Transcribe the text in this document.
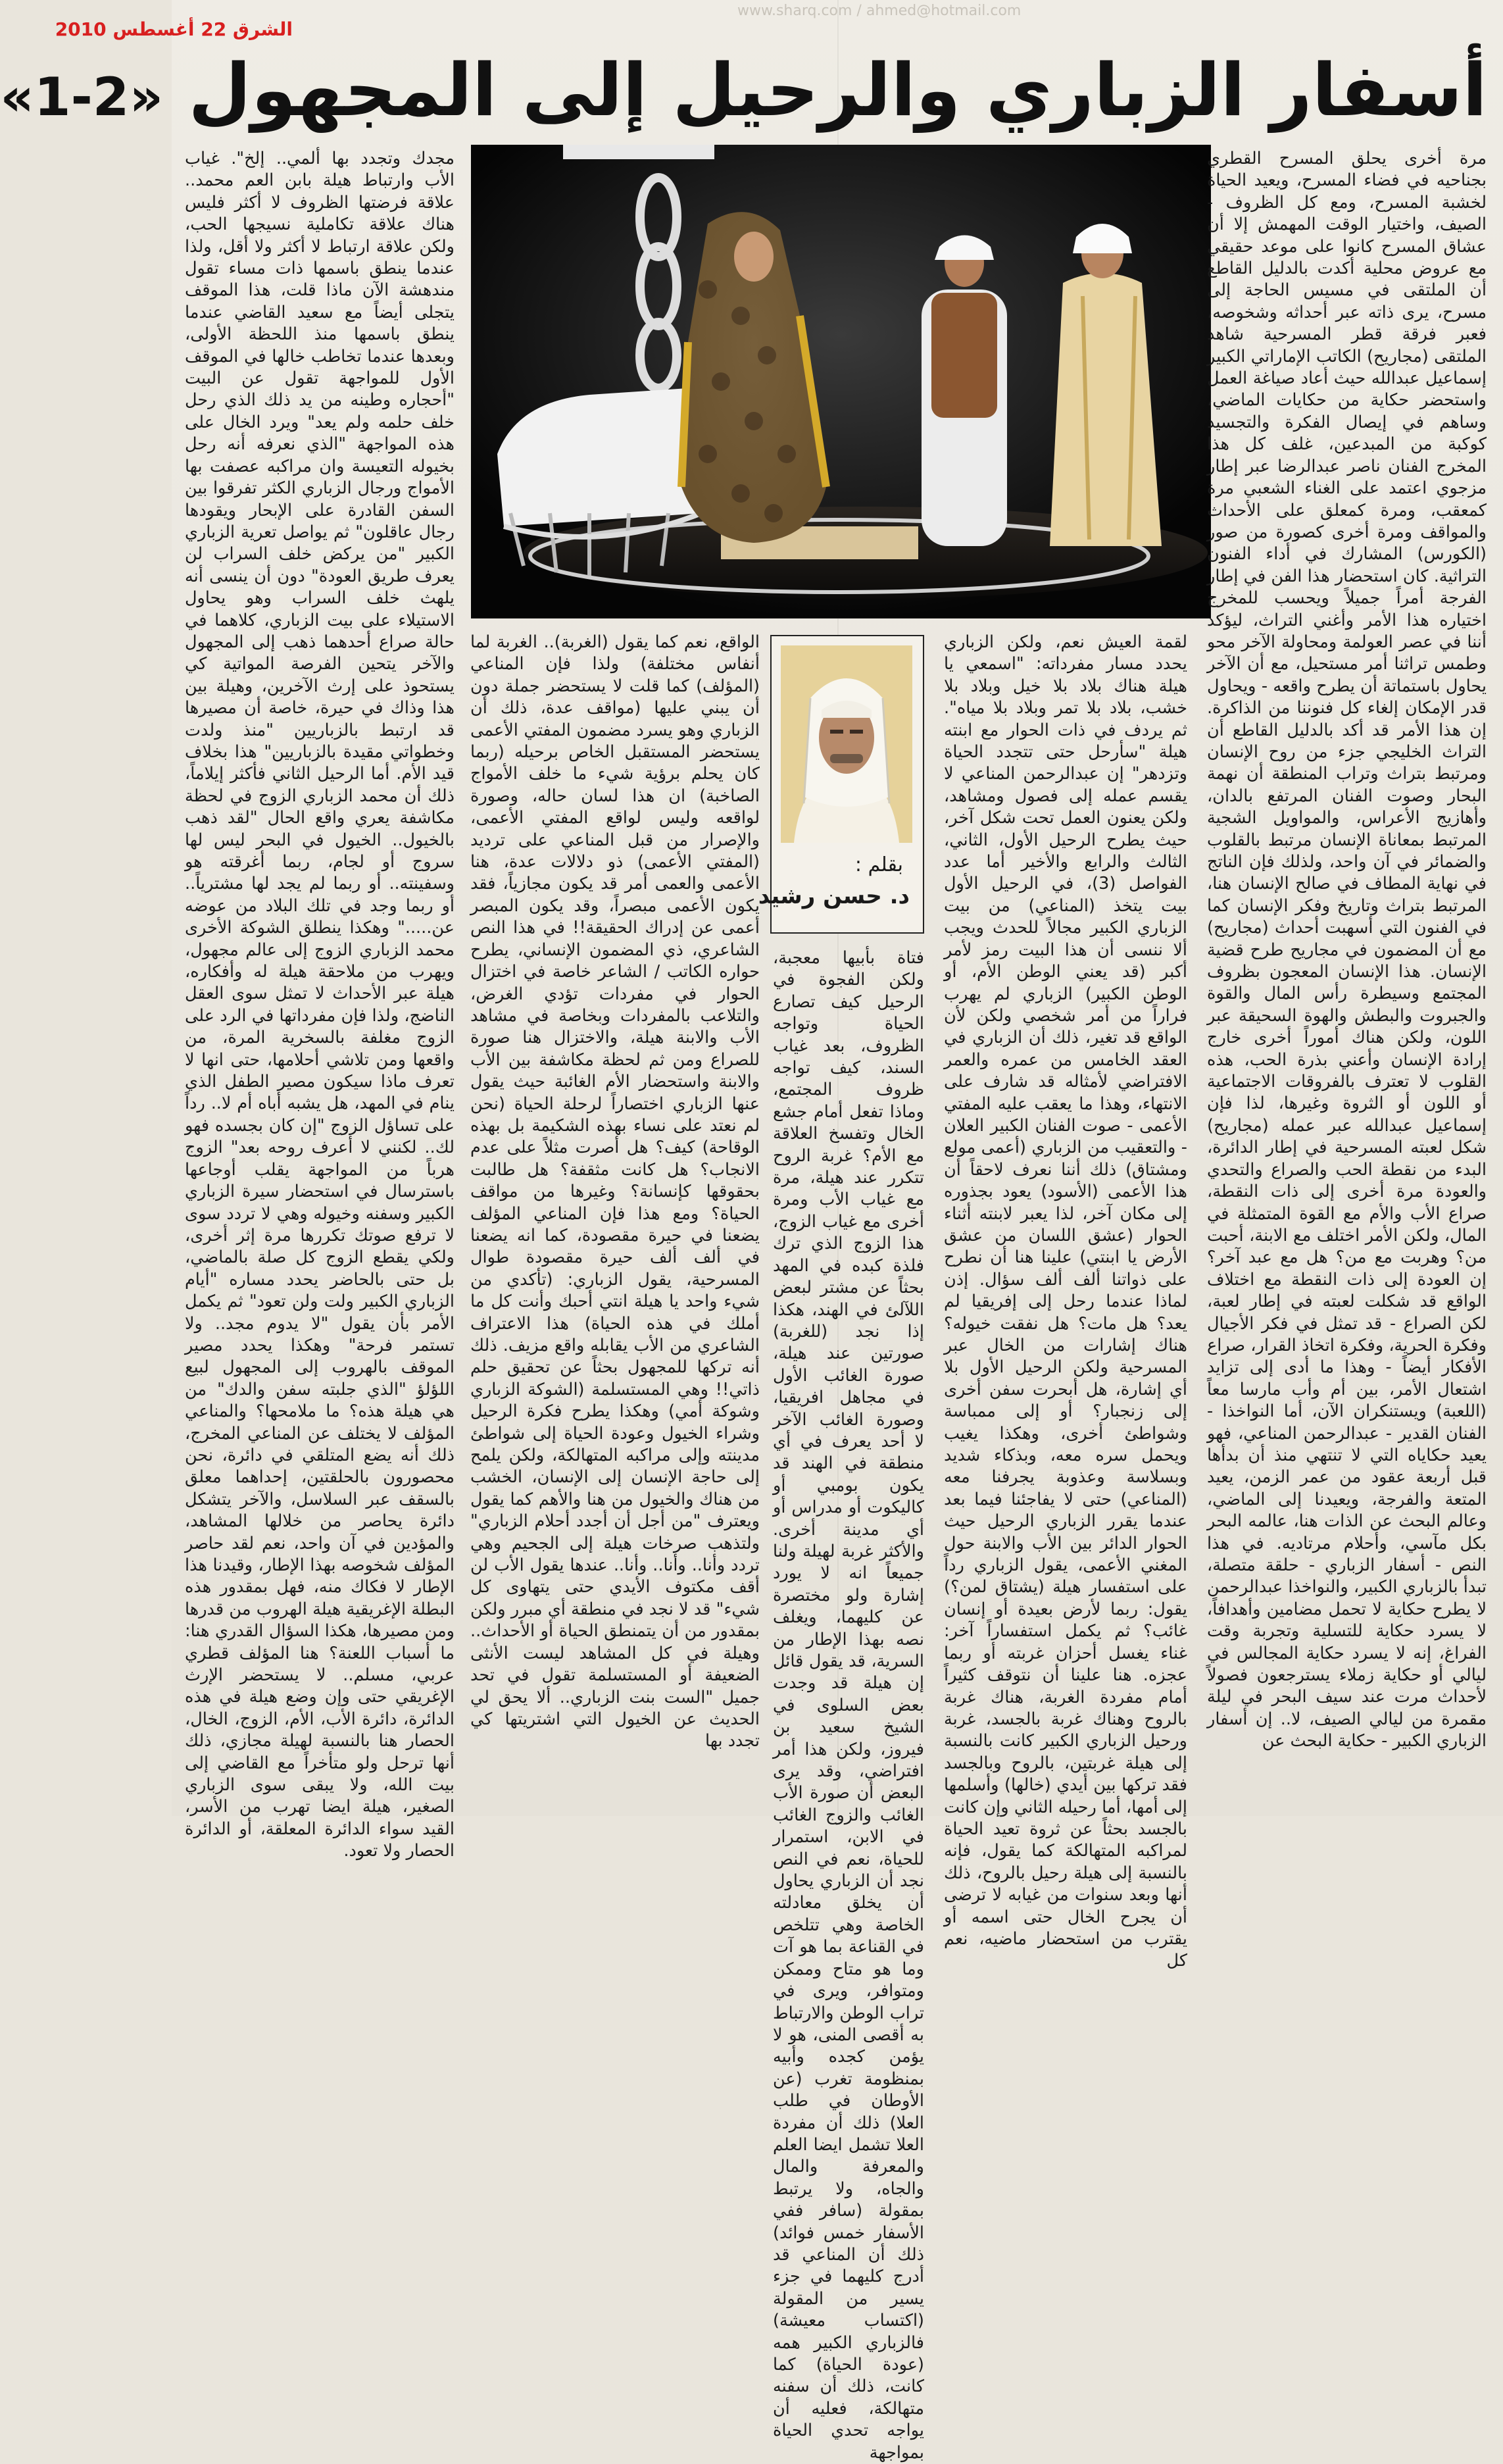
www.sharq.com / ahmed@hotmail.com
الشرق 22 أغسطس 2010
أسفار الزباري والرحيل إلى المجهول «2-1»
بقلم :
د. حسن رشيد

مرة أخرى يحلق المسرح القطري بجناحيه في فضاء المسرح، ويعيد الحياة لخشبة المسرح، ومع كل الظروف - الصيف، واختيار الوقت المهمش إلا أن عشاق المسرح كانوا على موعد حقيقي مع عروض محلية أكدت بالدليل القاطع أن الملتقى في مسيس الحاجة إلى مسرح، يرى ذاته عبر أحداثه وشخوصه، فعبر فرقة قطر المسرحية شاهد الملتقى (مجاريح) الكاتب الإماراتي الكبير إسماعيل عبدالله حيث أعاد صياغة العمل واستحضر حكاية من حكايات الماضي، وساهم في إيصال الفكرة والتجسيد كوكبة من المبدعين، غلف كل هذا المخرج الفنان ناصر عبدالرضا عبر إطار مزجوي اعتمد على الغناء الشعبي مرة كمعقب، ومرة كمعلق على الأحداث والمواقف ومرة أخرى كصورة من صور (الكورس) المشارك في أداء الفنون التراثية. كان استحضار هذا الفن في إطار الفرجة أمراً جميلاً ويحسب للمخرج اختياره هذا الأمر وأغني التراث، ليؤكد أننا في عصر العولمة ومحاولة الآخر محو وطمس تراثنا أمر مستحيل، مع أن الآخر يحاول باستماتة أن يطرح واقعه - ويحاول قدر الإمكان إلغاء كل فنوننا من الذاكرة. إن هذا الأمر قد أكد بالدليل القاطع أن التراث الخليجي جزء من روح الإنسان ومرتبط بتراث وتراب المنطقة أن نهمة البحار وصوت الفنان المرتفع بالدان، وأهازيج الأعراس، والمواويل الشجية المرتبط بمعاناة الإنسان مرتبط بالقلوب والضمائر في آن واحد، ولذلك فإن الناتج في نهاية المطاف في صالح الإنسان هنا، المرتبط بتراث وتاريخ وفكر الإنسان كما في الفنون التي أسهبت أحداث (مجاريح) مع أن المضمون في مجاريح طرح قضية الإنسان. هذا الإنسان المعجون بظروف المجتمع وسيطرة رأس المال والقوة والجبروت والبطش والهوة السحيقة عبر اللون، ولكن هناك أموراً أخرى خارج إرادة الإنسان وأعني بذرة الحب، هذه القلوب لا تعترف بالفروقات الاجتماعية أو اللون أو الثروة وغيرها، لذا فإن إسماعيل عبدالله عبر عمله (مجاريح) شكل لعبته المسرحية في إطار الدائرة، البدء من نقطة الحب والصراع والتحدي والعودة مرة أخرى إلى ذات النقطة، صراع الأب والأم مع القوة المتمثلة في المال، ولكن الأمر اختلف مع الابنة، أحبت من؟ وهربت مع من؟ هل مع عبد آخر؟ إن العودة إلى ذات النقطة مع اختلاف الواقع قد شكلت لعبته في إطار لعبة، لكن الصراع - قد تمثل في فكر الأجيال وفكرة الحرية، وفكرة اتخاذ القرار، صراع الأفكار أيضاً - وهذا ما أدى إلى تزايد اشتعال الأمر، بين أم وأب مارسا معاً (اللعبة) ويستنكران الآن، أما النواخذا - الفنان القدير - عبدالرحمن المناعي، فهو يعيد حكاياه التي لا تنتهي منذ أن بدأها قبل أربعة عقود من عمر الزمن، يعيد المتعة والفرجة، ويعيدنا إلى الماضي، وعالم البحث عن الذات هنا، عالمه البحر بكل مآسي، وأحلام مرتاديه. في هذا النص - أسفار الزباري - حلقة متصلة، تبدأ بالزباري الكبير، والنواخذا عبدالرحمن لا يطرح حكاية لا تحمل مضامين وأهدافاً، لا يسرد حكاية للتسلية وتجربة وقت الفراغ، إنه لا يسرد حكاية المجالس في ليالي أو حكاية زملاء يسترجعون فصولاً لأحداث مرت عند سيف البحر في ليلة مقمرة من ليالي الصيف، لا.. إن أسفار الزباري الكبير - حكاية البحث عن

لقمة العيش نعم، ولكن الزباري يحدد مسار مفرداته: "اسمعي يا هيلة هناك بلاد بلا خيل وبلاد بلا خشب، بلاد بلا تمر وبلاد بلا مياه". ثم يردف في ذات الحوار مع ابنته هيلة "سأرحل حتى تتجدد الحياة وتزدهر" إن عبدالرحمن المناعي لا يقسم عمله إلى فصول ومشاهد، ولكن يعنون العمل تحت شكل آخر، حيث يطرح الرحيل الأول، الثاني، الثالث والرابع والأخير أما عدد الفواصل (3)، في الرحيل الأول بيت يتخذ (المناعي) من بيت الزباري الكبير مجالاً للحدث ويجب ألا ننسى أن هذا البيت رمز لأمر أكبر (قد يعني الوطن الأم، أو الوطن الكبير) الزباري لم يهرب فراراً من أمر شخصي ولكن لأن الواقع قد تغير، ذلك أن الزباري في العقد الخامس من عمره والعمر الافتراضي لأمثاله قد شارف على الانتهاء، وهذا ما يعقب عليه المفتي الأعمى - صوت الفنان الكبير العلان - والتعقيب من الزباري (أعمى مولع ومشتاق) ذلك أننا نعرف لاحقاً أن هذا الأعمى (الأسود) يعود بجذوره إلى مكان آخر، لذا يعبر لابنته أثناء الحوار (عشق اللسان من عشق الأرض يا ابنتي) علينا هنا أن نطرح على ذواتنا ألف ألف سؤال. إذن لماذا عندما رحل إلى إفريقيا لم يعد؟ هل مات؟ هل نفقت خيوله؟ هناك إشارات من الخال عبر المسرحية ولكن الرحيل الأول بلا أي إشارة، هل أبحرت سفن أخرى إلى زنجبار؟ أو إلى ممباسة وشواطئ أخرى، وهكذا يغيب ويحمل سره معه، وبذكاء شديد وبسلاسة وعذوبة يجرفنا معه (المناعي) حتى لا يفاجئنا فيما بعد عندما يقرر الزباري الرحيل حيث الحوار الدائر بين الأب والابنة حول المغني الأعمى، يقول الزباري رداً على استفسار هيلة (يشتاق لمن؟) يقول: ربما لأرض بعيدة أو إنسان غائب؟ ثم يكمل استفساراً آخر: غناء يغسل أحزان غربته أو ربما عجزه. هنا علينا أن نتوقف كثيراً أمام مفردة الغربة، هناك غربة بالروح وهناك غربة بالجسد، غربة ورحيل الزباري الكبير كانت بالنسبة إلى هيلة غربتين، بالروح وبالجسد فقد تركها بين أيدي (خالها) وأسلمها إلى أمها، أما رحيله الثاني وإن كانت بالجسد بحثاً عن ثروة تعيد الحياة لمراكبه المتهالكة كما يقول، فإنه بالنسبة إلى هيلة رحيل بالروح، ذلك أنها وبعد سنوات من غيابه لا ترضى أن يجرح الخال حتى اسمه أو يقترب من استحضار ماضيه، نعم كل

فتاة بأبيها معجبة، ولكن الفجوة في الرحيل كيف تصارع الحياة وتواجه الظروف، بعد غياب السند، كيف تواجه ظروف المجتمع، وماذا تفعل أمام جشع الخال وتفسخ العلاقة مع الأم؟ غربة الروح تتكرر عند هيلة، مرة مع غياب الأب ومرة أخرى مع غياب الزوج، هذا الزوج الذي ترك فلذة كبده في المهد بحثاً عن مشتر لبعض اللآلئ في الهند، هكذا إذا نجد (للغربة) صورتين عند هيلة، صورة الغائب الأول في مجاهل افريقيا، وصورة الغائب الآخر لا أحد يعرف في أي منطقة في الهند قد يكون بومبي أو كاليكوت أو مدراس أو أي مدينة أخرى. والأكثر غربة لهيلة ولنا جميعاً انه لا يورد إشارة ولو مختصرة عن كليهما، ويغلف نصه بهذا الإطار من السرية، قد يقول قائل إن هيلة قد وجدت بعض السلوى في الشيخ سعيد بن فيروز، ولكن هذا أمر افتراضي، وقد يرى البعض أن صورة الأب الغائب والزوج الغائب في الابن، استمرار للحياة، نعم في النص نجد أن الزباري يحاول أن يخلق معادلته الخاصة وهي تتلخص في القناعة بما هو آت وما هو متاح وممكن ومتوافر، ويرى في تراب الوطن والارتباط به أقصى المنى، هو لا يؤمن كجده وأبيه بمنظومة تغرب (عن الأوطان في طلب العلا) ذلك أن مفردة العلا تشمل ايضا العلم والمعرفة والمال والجاه، ولا يرتبط بمقولة (سافر ففي الأسفار خمس فوائد) ذلك أن المناعي قد أدرج كليهما في جزء يسير من المقولة (اكتساب معيشة) فالزباري الكبير همه (عودة الحياة) كما كانت، ذلك أن سفنه متهالكة، فعليه أن يواجه تحدي الحياة بمواجهة

الواقع، نعم كما يقول (الغربة).. الغربة لما أنفاس مختلفة) ولذا فإن المناعي (المؤلف) كما قلت لا يستحضر جملة دون أن يبني عليها (مواقف عدة، ذلك أن الزباري وهو يسرد مضمون المفتي الأعمى يستحضر المستقبل الخاص برحيله (ربما كان يحلم برؤية شيء ما خلف الأمواج الصاخبة) ان هذا لسان حاله، وصورة لواقعه وليس لواقع المفتي الأعمى، والإصرار من قبل المناعي على ترديد (المفتي الأعمى) ذو دلالات عدة، هنا الأعمى والعمى أمر قد يكون مجازياً، فقد يكون الأعمى مبصراً، وقد يكون المبصر أعمى عن إدراك الحقيقة!! في هذا النص الشاعري، ذي المضمون الإنساني، يطرح حواره الكاتب / الشاعر خاصة في اختزال الحوار في مفردات تؤدي الغرض، والتلاعب بالمفردات وبخاصة في مشاهد الأب والابنة هيلة، والاختزال هنا صورة للصراع ومن ثم لحظة مكاشفة بين الأب والابنة واستحضار الأم الغائبة حيث يقول عنها الزباري اختصاراً لرحلة الحياة (نحن لم نعتد على نساء بهذه الشكيمة بل بهذه الوقاحة) كيف؟ هل أصرت مثلاً على عدم الانجاب؟ هل كانت مثقفة؟ هل طالبت بحقوقها كإنسانة؟ وغيرها من مواقف الحياة؟ ومع هذا فإن المناعي المؤلف يضعنا في حيرة مقصودة، كما انه يضعنا في ألف ألف حيرة مقصودة طوال المسرحية، يقول الزباري: (تأكدي من شيء واحد يا هيلة انتي أحبك وأنت كل ما أملك في هذه الحياة) هذا الاعتراف الشاعري من الأب يقابله واقع مزيف. ذلك أنه تركها للمجهول بحثاً عن تحقيق حلم ذاتي!! وهي المستسلمة (الشوكة الزباري وشوكة أمي) وهكذا يطرح فكرة الرحيل وشراء الخيول وعودة الحياة إلى شواطئ مدينته وإلى مراكبه المتهالكة، ولكن يلمح إلى حاجة الإنسان إلى الإنسان، الخشب من هناك والخيول من هنا والأهم كما يقول ويعترف "من أجل أن أجدد أحلام الزباري" ولتذهب صرخات هيلة إلى الجحيم وهي تردد وأنا.. وأنا.. وأنا.. عندها يقول الأب لن أقف مكتوف الأيدي حتى يتهاوى كل شيء" قد لا نجد في منطقة أي مبرر ولكن بمقدور من أن يتمنطق الحياة أو الأحداث.. وهيلة في كل المشاهد ليست الأنثى الضعيفة أو المستسلمة تقول في تحد جميل "الست بنت الزباري.. ألا يحق لي الحديث عن الخيول التي اشتريتها كي تجدد بها

مجدك وتجدد بها ألمي.. إلخ". غياب الأب وارتباط هيلة بابن العم محمد.. علاقة فرضتها الظروف لا أكثر فليس هناك علاقة تكاملية نسيجها الحب، ولكن علاقة ارتباط لا أكثر ولا أقل، ولذا عندما ينطق باسمها ذات مساء تقول مندهشة الآن ماذا قلت، هذا الموقف يتجلى أيضاً مع سعيد القاضي عندما ينطق باسمها منذ اللحظة الأولى، وبعدها عندما تخاطب خالها في الموقف الأول للمواجهة تقول عن البيت "أحجاره وطينه من يد ذلك الذي رحل خلف حلمه ولم يعد" ويرد الخال على هذه المواجهة "الذي نعرفه أنه رحل بخيوله التعيسة وان مراكبه عصفت بها الأمواج ورجال الزباري الكثر تفرقوا بين السفن القادرة على الإبحار ويقودها رجال عاقلون" ثم يواصل تعرية الزباري الكبير "من يركض خلف السراب لن يعرف طريق العودة" دون أن ينسى أنه يلهث خلف السراب وهو يحاول الاستيلاء على بيت الزباري، كلاهما في حالة صراع أحدهما ذهب إلى المجهول والآخر يتحين الفرصة المواتية كي يستحوذ على إرث الآخرين، وهيلة بين هذا وذاك في حيرة، خاصة أن مصيرها قد ارتبط بالزباريين "منذ ولدت وخطواتي مقيدة بالزباريين" هذا بخلاف قيد الأم. أما الرحيل الثاني فأكثر إيلاماً، ذلك أن محمد الزباري الزوج في لحظة مكاشفة يعري واقع الحال "لقد ذهب بالخيول.. الخيول في البحر ليس لها سروج أو لجام، ربما أغرقته هو وسفينته.. أو ربما لم يجد لها مشترياً.. أو ربما وجد في تلك البلاد من عوضه عن....." وهكذا ينطلق الشوكة الأخرى محمد الزباري الزوج إلى عالم مجهول، ويهرب من ملاحقة هيلة له وأفكاره، هيلة عبر الأحداث لا تمثل سوى العقل الناضج، ولذا فإن مفرداتها في الرد على الزوج مغلفة بالسخرية المرة، من واقعها ومن تلاشي أحلامها، حتى انها لا تعرف ماذا سيكون مصير الطفل الذي ينام في المهد، هل يشبه أباه أم لا.. رداً على تساؤل الزوج "إن كان بجسده فهو لك.. لكنني لا أعرف روحه بعد" الزوج هرباً من المواجهة يقلب أوجاعها باسترسال في استحضار سيرة الزباري الكبير وسفنه وخيوله وهي لا تردد سوى لا ترفع صوتك تكررها مرة إثر أخرى، ولكي يقطع الزوج كل صلة بالماضي، بل حتى بالحاضر يحدد مساره "أيام الزباري الكبير ولت ولن تعود" ثم يكمل الأمر بأن يقول "لا يدوم مجد.. ولا تستمر فرحة" وهكذا يحدد مصير الموقف بالهروب إلى المجهول لبيع اللؤلؤ "الذي جلبته سفن والدك" من هي هيلة هذه؟ ما ملامحها؟ والمناعي المؤلف لا يختلف عن المناعي المخرج، ذلك أنه يضع المتلقي في دائرة، نحن محصورون بالحلقتين، إحداهما معلق بالسقف عبر السلاسل، والآخر يتشكل دائرة يحاصر من خلالها المشاهد، والمؤدين في آن واحد، نعم لقد حاصر المؤلف شخوصه بهذا الإطار، وقيدنا هذا الإطار لا فكاك منه، فهل بمقدور هذه البطلة الإغريقية هيلة الهروب من قدرها ومن مصيرها، هكذا السؤال القدري هنا: ما أسباب اللعنة؟ هنا المؤلف قطري عربي، مسلم.. لا يستحضر الإرث الإغريقي حتى وإن وضع هيلة في هذه الدائرة، دائرة الأب، الأم، الزوج، الخال، الحصار هنا بالنسبة لهيلة مجازي، ذلك أنها ترحل ولو متأخراً مع القاضي إلى بيت الله، ولا يبقى سوى الزباري الصغير، هيلة ايضا تهرب من الأسر، القيد سواء الدائرة المعلقة، أو الدائرة الحصار ولا تعود.
